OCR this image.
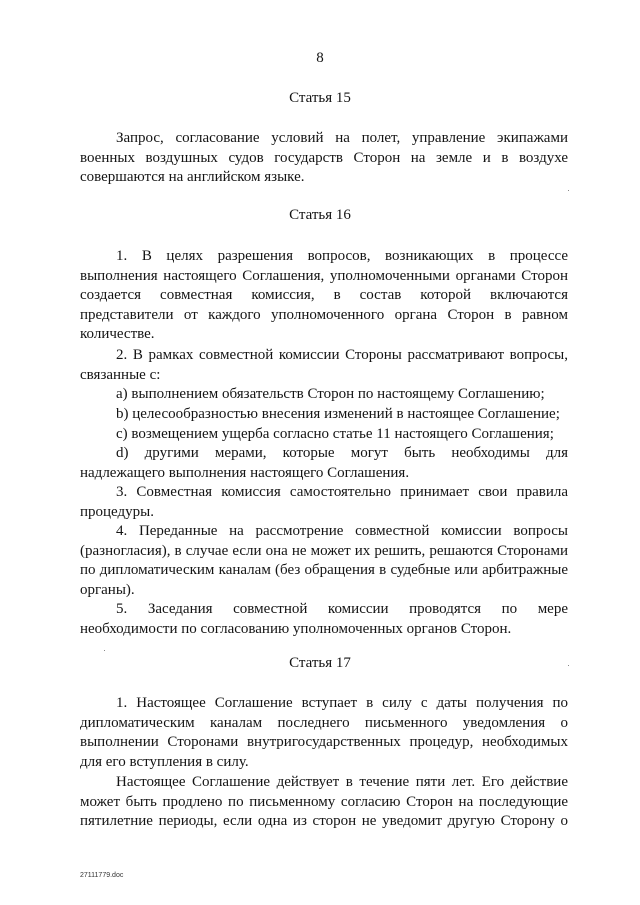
8
Статья 15

Запрос, согласование условий на полет, управление экипажами военных воздушных судов государств Сторон на земле и в воздухе совершаются на английском языке.

Статья 16

1. В целях разрешения вопросов, возникающих в процессе выполнения настоящего Соглашения, уполномоченными органами Сторон создается совместная комиссия, в состав которой включаются представители от каждого уполномоченного органа Сторон в равном количестве.

2. В рамках совместной комиссии Стороны рассматривают вопросы, связанные с:

a) выполнением обязательств Сторон по настоящему Соглашению;

b) целесообразностью внесения изменений в настоящее Соглашение;

c) возмещением ущерба согласно статье 11 настоящего Соглашения;

d) другими мерами, которые могут быть необходимы для надлежащего выполнения настоящего Соглашения.

3. Совместная комиссия самостоятельно принимает свои правила процедуры.

4. Переданные на рассмотрение совместной комиссии вопросы (разногласия), в случае если она не может их решить, решаются Сторонами по дипломатическим каналам (без обращения в судебные или арбитражные органы).

5. Заседания совместной комиссии проводятся по мере необходимости по согласованию уполномоченных органов Сторон.

Статья 17

1. Настоящее Соглашение вступает в силу с даты получения по дипломатическим каналам последнего письменного уведомления о выполнении Сторонами внутригосударственных процедур, необходимых для его вступления в силу.

Настоящее Соглашение действует в течение пяти лет. Его действие может быть продлено по письменному согласию Сторон на последующие пятилетние периоды, если одна из сторон не уведомит другую Сторону о

27111779.doc
